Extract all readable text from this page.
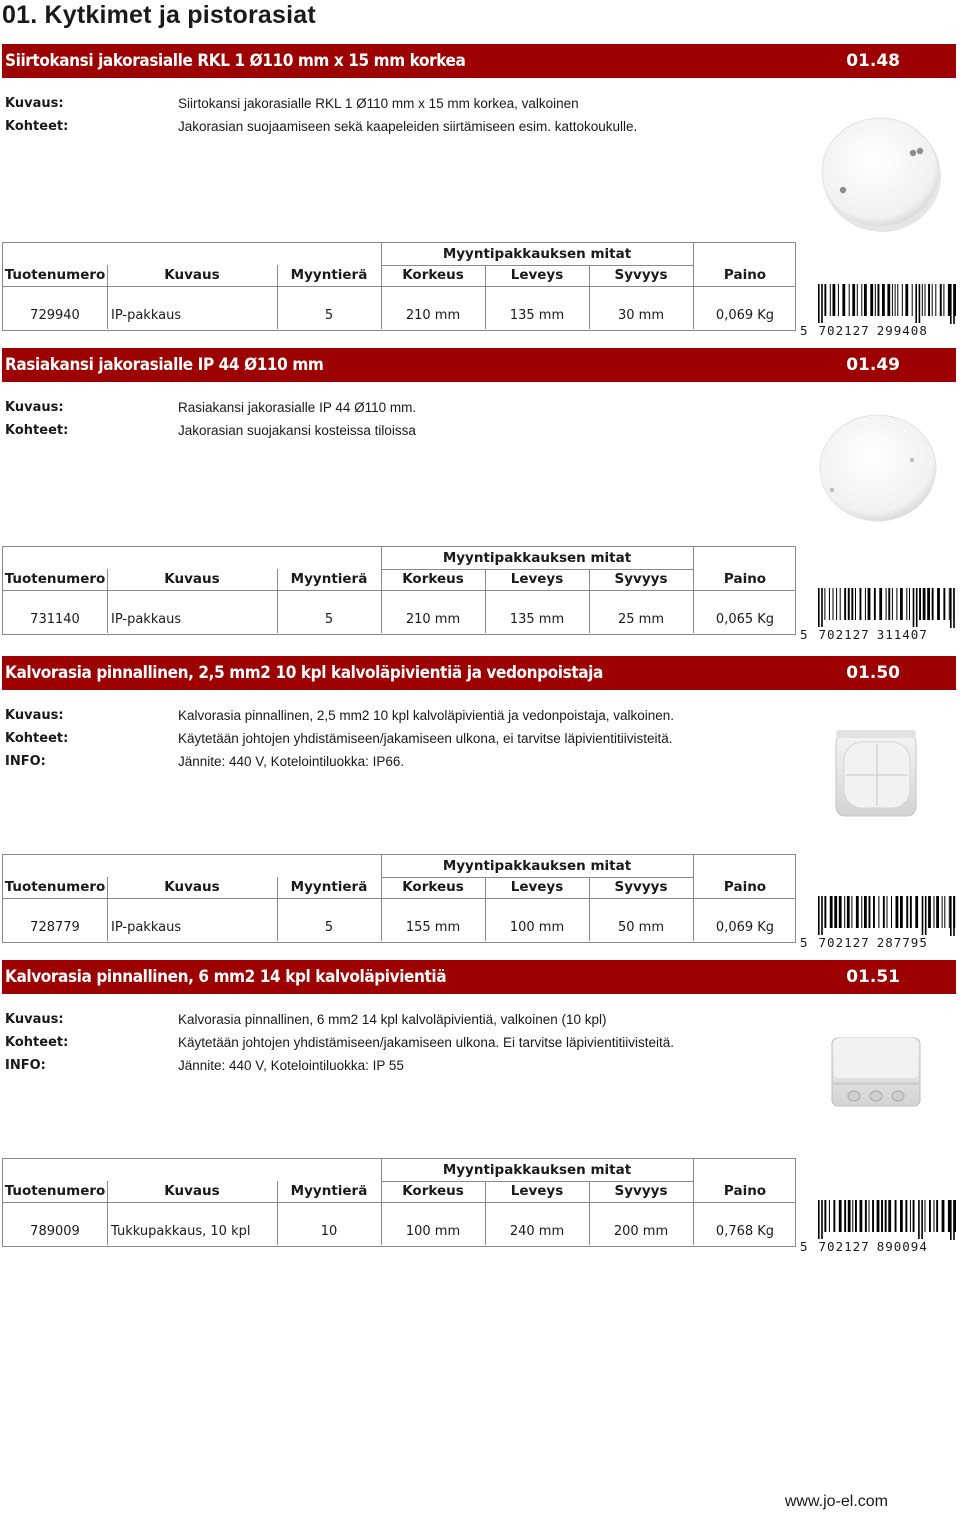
01. Kytkimet ja pistorasiat
Siirtokansi jakorasialle RKL 1 Ø110 mm x 15 mm korkea	01.48
Kuvaus:	Siirtokansi jakorasialle RKL 1 Ø110 mm x 15 mm korkea, valkoinen
Kohteet:	Jakorasian suojaamiseen sekä kaapeleiden siirtämiseen esim. kattokoukulle.
Myyntipakkauksen mitat
Tuotenumero	Kuvaus	Myyntierä	Korkeus	Leveys	Syvyys	Paino
729940	IP-pakkaus	5	210 mm	135 mm	30 mm	0,069 Kg
5 702127 299408
Rasiakansi jakorasialle IP 44 Ø110 mm	01.49
Kuvaus:	Rasiakansi jakorasialle IP 44 Ø110 mm.
Kohteet:	Jakorasian suojakansi kosteissa tiloissa
Myyntipakkauksen mitat
Tuotenumero	Kuvaus	Myyntierä	Korkeus	Leveys	Syvyys	Paino
731140	IP-pakkaus	5	210 mm	135 mm	25 mm	0,065 Kg
5 702127 311407
Kalvorasia pinnallinen, 2,5 mm2 10 kpl kalvoläpivientiä ja vedonpoistaja	01.50
Kuvaus:	Kalvorasia pinnallinen, 2,5 mm2 10 kpl kalvoläpivientiä ja vedonpoistaja, valkoinen.
Kohteet:	Käytetään johtojen yhdistämiseen/jakamiseen ulkona, ei tarvitse läpivientitiivisteitä.
INFO:	Jännite: 440 V, Kotelointiluokka: IP66.
Myyntipakkauksen mitat
Tuotenumero	Kuvaus	Myyntierä	Korkeus	Leveys	Syvyys	Paino
728779	IP-pakkaus	5	155 mm	100 mm	50 mm	0,069 Kg
5 702127 287795
Kalvorasia pinnallinen, 6 mm2 14 kpl kalvoläpivientiä	01.51
Kuvaus:	Kalvorasia pinnallinen, 6 mm2 14 kpl kalvoläpivientiä, valkoinen (10 kpl)
Kohteet:	Käytetään johtojen yhdistämiseen/jakamiseen ulkona. Ei tarvitse läpivientitiivisteitä.
INFO:	Jännite: 440 V, Kotelointiluokka: IP 55
Myyntipakkauksen mitat
Tuotenumero	Kuvaus	Myyntierä	Korkeus	Leveys	Syvyys	Paino
789009	Tukkupakkaus, 10 kpl	10	100 mm	240 mm	200 mm	0,768 Kg
5 702127 890094
www.jo-el.com
